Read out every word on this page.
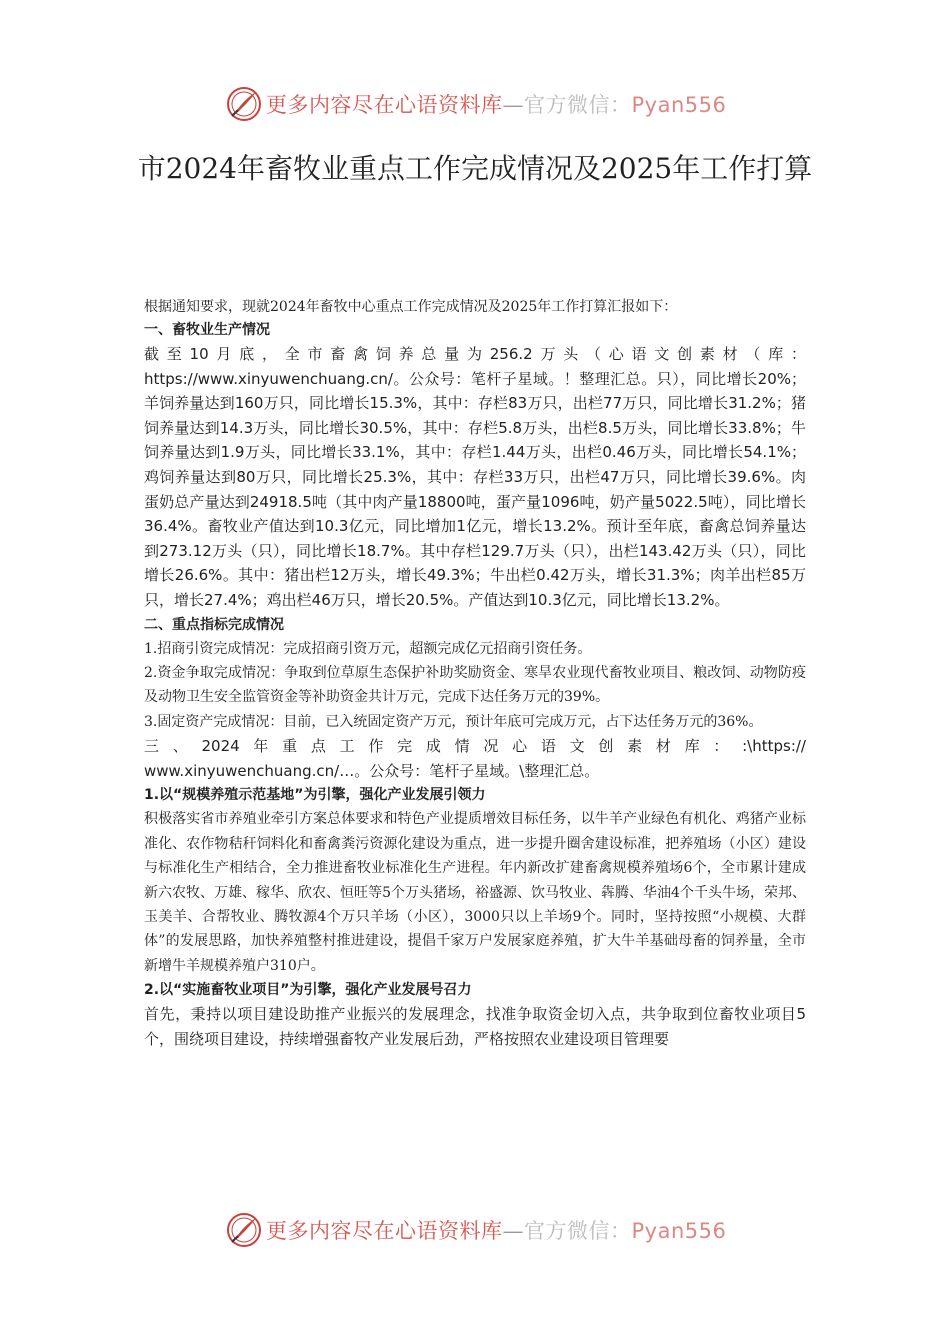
更多内容尽在心语资料库—官方微信：Pyan556
市2024年畜牧业重点工作完成情况及2025年工作打算

根据通知要求，现就2024年畜牧中心重点工作完成情况及2025年工作打算汇报如下：

一、畜牧业生产情况

截至10月底，全市畜禽饲养总量为256.2万头（心语文创素材（库：https://www.xinyuwenchuang.cn/。公众号：笔杆子星域。！整理汇总。只），同比增长20%；羊饲养量达到160万只，同比增长15.3%，其中：存栏83万只，出栏77万只，同比增长31.2%；猪饲养量达到14.3万头，同比增长30.5%，其中：存栏5.8万头，出栏8.5万头，同比增长33.8%；牛饲养量达到1.9万头，同比增长33.1%，其中：存栏1.44万头，出栏0.46万头，同比增长54.1%；鸡饲养量达到80万只，同比增长25.3%，其中：存栏33万只，出栏47万只，同比增长39.6%。肉蛋奶总产量达到24918.5吨（其中肉产量18800吨，蛋产量1096吨，奶产量5022.5吨），同比增长36.4%。畜牧业产值达到10.3亿元，同比增加1亿元，增长13.2%。预计至年底，畜禽总饲养量达到273.12万头（只），同比增长18.7%。其中存栏129.7万头（只），出栏143.42万头（只），同比增长26.6%。其中：猪出栏12万头，增长49.3%；牛出栏0.42万头，增长31.3%；肉羊出栏85万只，增长27.4%；鸡出栏46万只，增长20.5%。产值达到10.3亿元，同比增长13.2%。

二、重点指标完成情况

1.招商引资完成情况：完成招商引资万元，超额完成亿元招商引资任务。

2.资金争取完成情况：争取到位草原生态保护补助奖励资金、寒旱农业现代畜牧业项目、粮改饲、动物防疫及动物卫生安全监管资金等补助资金共计万元，完成下达任务万元的39%。

3.固定资产完成情况：目前，已入统固定资产万元，预计年底可完成万元，占下达任务万元的36%。

三、2024年重点工作完成情况心语文创素材库：:\https://

www.xinyuwenchuang.cn/…。公众号：笔杆子星域。\整理汇总。

1.以“规模养殖示范基地”为引擎，强化产业发展引领力

积极落实省市养殖业牵引方案总体要求和特色产业提质增效目标任务，以牛羊产业绿色有机化、鸡猪产业标准化、农作物秸秆饲料化和畜禽粪污资源化建设为重点，进一步提升圈舍建设标准，把养殖场（小区）建设与标准化生产相结合，全力推进畜牧业标准化生产进程。年内新改扩建畜禽规模养殖场6个，全市累计建成新六农牧、万雄、稼华、欣农、恒旺等5个万头猪场，裕盛源、饮马牧业、犇腾、华油4个千头牛场，荣邦、玉美羊、合帮牧业、腾牧源4个万只羊场（小区），3000只以上羊场9个。同时，坚持按照“小规模、大群体”的发展思路，加快养殖整村推进建设，提倡千家万户发展家庭养殖，扩大牛羊基础母畜的饲养量，全市新增牛羊规模养殖户310户。

2.以“实施畜牧业项目”为引擎，强化产业发展号召力

首先，秉持以项目建设助推产业振兴的发展理念，找准争取资金切入点，共争取到位畜牧业项目5个，围绕项目建设，持续增强畜牧产业发展后劲，严格按照农业建设项目管理要

更多内容尽在心语资料库—官方微信：Pyan556
